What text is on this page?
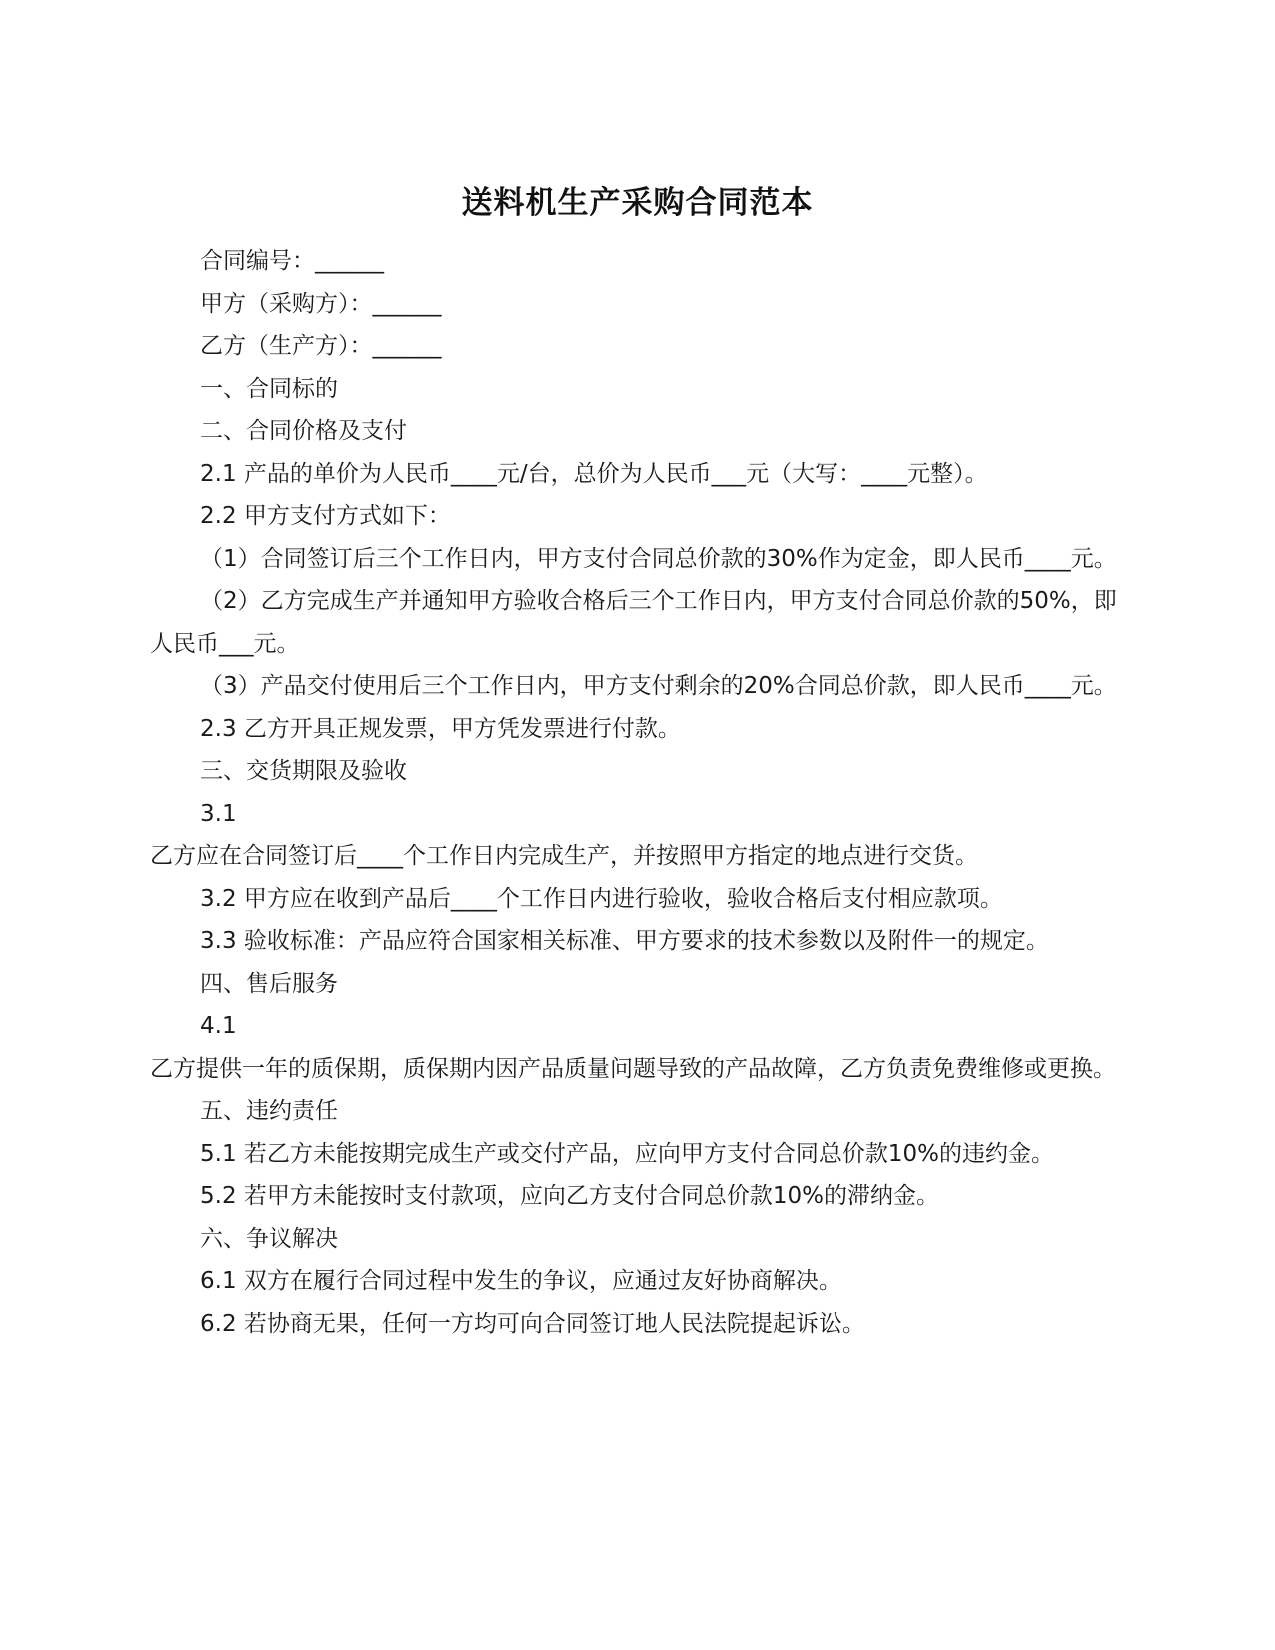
送料机生产采购合同范本

合同编号：______

甲方（采购方）：______

乙方（生产方）：______

一、合同标的

二、合同价格及支付

2.1 产品的单价为人民币____元/台，总价为人民币___元（大写：____元整）。

2.2 甲方支付方式如下：

（1）合同签订后三个工作日内，甲方支付合同总价款的30%作为定金，即人民币____元。

（2）乙方完成生产并通知甲方验收合格后三个工作日内，甲方支付合同总价款的50%，即人民币___元。

（3）产品交付使用后三个工作日内，甲方支付剩余的20%合同总价款，即人民币____元。

2.3 乙方开具正规发票，甲方凭发票进行付款。

三、交货期限及验收

3.1

乙方应在合同签订后____个工作日内完成生产，并按照甲方指定的地点进行交货。

3.2 甲方应在收到产品后____个工作日内进行验收，验收合格后支付相应款项。

3.3 验收标准：产品应符合国家相关标准、甲方要求的技术参数以及附件一的规定。

四、售后服务

4.1

乙方提供一年的质保期，质保期内因产品质量问题导致的产品故障，乙方负责免费维修或更换。

五、违约责任

5.1 若乙方未能按期完成生产或交付产品，应向甲方支付合同总价款10%的违约金。

5.2 若甲方未能按时支付款项，应向乙方支付合同总价款10%的滞纳金。

六、争议解决

6.1 双方在履行合同过程中发生的争议，应通过友好协商解决。

6.2 若协商无果，任何一方均可向合同签订地人民法院提起诉讼。
